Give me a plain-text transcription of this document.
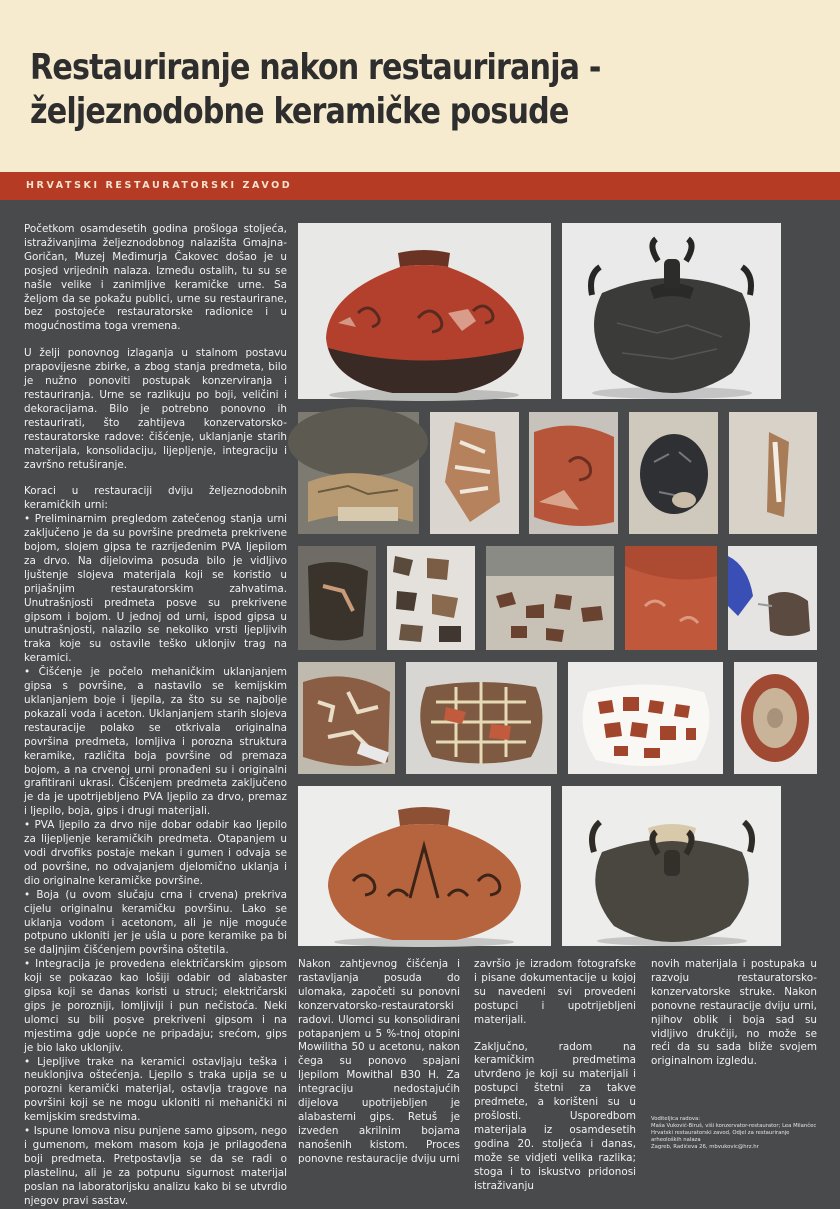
Restauriranje nakon restauriranja -
željeznodobne keramičke posude
HRVATSKI RESTAURATORSKI ZAVOD

Početkom osamdesetih godina prošloga stoljeća, istraživanjima željeznodobnog nalazišta Gmajna-Goričan, Muzej Međimurja Čakovec došao je u posjed vrijednih nalaza. Između ostalih, tu su se našle velike i zanimljive keramičke urne. Sa željom da se pokažu publici, urne su restaurirane, bez postojeće restauratorske radionice i u mogućnostima toga vremena.

U želji ponovnog izlaganja u stalnom postavu prapovijesne zbirke, a zbog stanja predmeta, bilo je nužno ponoviti postupak konzerviranja i restauriranja. Urne se razlikuju po boji, veličini i dekoracijama. Bilo je potrebno ponovno ih restaurirati, što zahtijeva konzervatorsko-restauratorske radove: čišćenje, uklanjanje starih materijala, konsolidaciju, lijepljenje, integraciju i završno retuširanje.

Koraci u restauraciji dviju željeznodobnih keramičkih urni:

• Preliminarnim pregledom zatečenog stanja urni zaključeno je da su površine predmeta prekrivene bojom, slojem gipsa te razrijeđenim PVA ljepilom za drvo. Na dijelovima posuda bilo je vidljivo ljuštenje slojeva materijala koji se koristio u prijašnjim restauratorskim zahvatima. Unutrašnjosti predmeta posve su prekrivene gipsom i bojom. U jednoj od urni, ispod gipsa u unutrašnjosti, nalazilo se nekoliko vrsti ljepljivih traka koje su ostavile teško uklonjiv trag na keramici.

• Čišćenje je počelo mehaničkim uklanjanjem gipsa s površine, a nastavilo se kemijskim uklanjanjem boje i ljepila, za što su se najbolje pokazali voda i aceton. Uklanjanjem starih slojeva restauracije polako se otkrivala originalna površina predmeta, lomljiva i porozna struktura keramike, različita boja površine od premaza bojom, a na crvenoj urni pronađeni su i originalni grafitirani ukrasi. Čišćenjem predmeta zaključeno je da je upotrijebljeno PVA ljepilo za drvo, premaz i ljepilo, boja, gips i drugi materijali.

• PVA ljepilo za drvo nije dobar odabir kao ljepilo za lijepljenje keramičkih predmeta. Otapanjem u vodi drvofiks postaje mekan i gumen i odvaja se od površine, no odvajanjem djelomično uklanja i dio originalne keramičke površine.

• Boja (u ovom slučaju crna i crvena) prekriva cijelu originalnu keramičku površinu. Lako se uklanja vodom i acetonom, ali je nije moguće potpuno ukloniti jer je ušla u pore keramike pa bi se daljnjim čišćenjem površina oštetila.

• Integracija je provedena električarskim gipsom koji se pokazao kao lošiji odabir od alabaster gipsa koji se danas koristi u struci; električarski gips je porozniji, lomljiviji i pun nečistoća. Neki ulomci su bili posve prekriveni gipsom i na mjestima gdje uopće ne pripadaju; srećom, gips je bio lako uklonjiv.

• Ljepljive trake na keramici ostavljaju teška i neuklonjiva oštećenja. Ljepilo s traka upija se u porozni keramički materijal, ostavlja tragove na površini koji se ne mogu ukloniti ni mehanički ni kemijskim sredstvima.

• Ispune lomova nisu punjene samo gipsom, nego i gumenom, mekom masom koja je prilagođena boji predmeta. Pretpostavlja se da se radi o plastelinu, ali je za potpunu sigurnost materijal poslan na laboratorijsku analizu kako bi se utvrdio njegov pravi sastav.

Nakon zahtjevnog čišćenja i rastavljanja posuda do ulomaka, započeti su ponovni konzervatorsko-restauratorski radovi. Ulomci su konsolidirani potapanjem u 5 %-tnoj otopini Mowilitha 50 u acetonu, nakon čega su ponovo spajani ljepilom Mowithal B30 H. Za integraciju nedostajućih dijelova upotrijebljen je alabasterni gips. Retuš je izveden akrilnim bojama nanošenih kistom. Proces ponovne restauracije dviju urni

završio je izradom fotografske i pisane dokumentacije u kojoj su navedeni svi provedeni postupci i upotrijebljeni materijali.

Zaključno, radom na keramičkim predmetima utvrđeno je koji su materijali i postupci štetni za takve predmete, a korišteni su u prošlosti. Usporedbom materijala iz osamdesetih godina 20. stoljeća i danas, može se vidjeti velika razlika; stoga i to iskustvo pridonosi istraživanju

novih materijala i postupaka u razvoju restauratorsko-konzervatorske struke. Nakon ponovne restauracije dviju urni, njihov oblik i boja sad su vidljivo drukčiji, no može se reći da su sada bliže svojem originalnom izgledu.

Voditeljica radova:
Maša Vuković-Biruš, viši konzervator-restaurator; Lea Milančec
Hrvatski restauratorski zavod, Odjel za restauriranje arheoloških nalaza
Zagreb, Radićeva 26, mbvukovic@hrz.hr
